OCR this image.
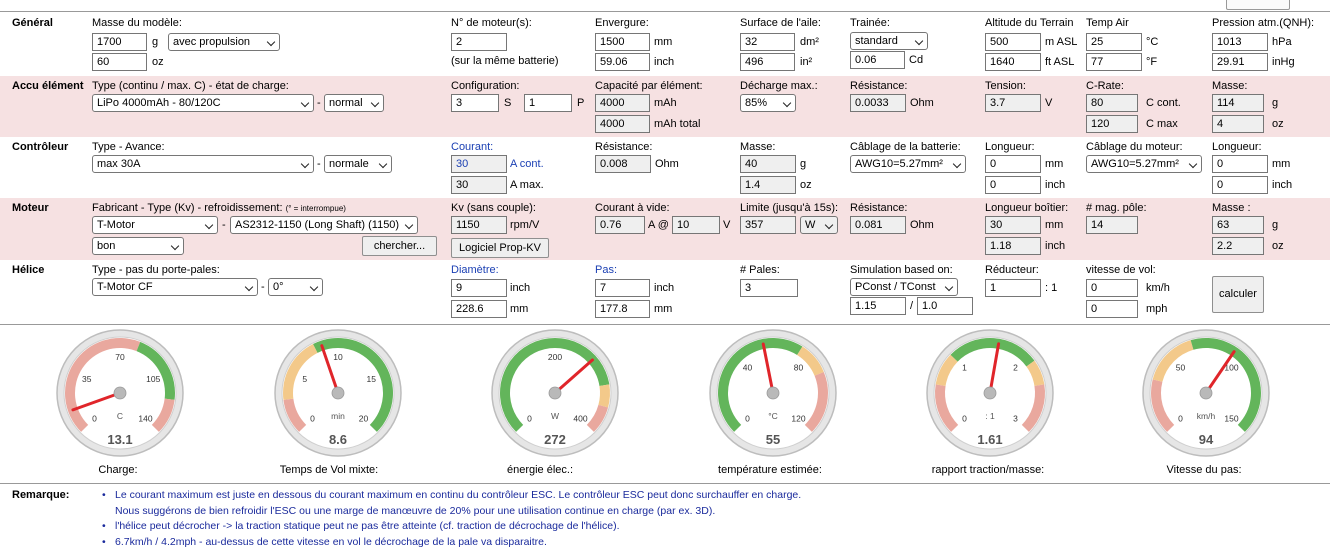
Général	Masse du modèle:
1700	g	avec propulsion
60	oz
N° de moteur(s):
2
(sur la même batterie)
Envergure:
1500	mm
59.06	inch
Surface de l'aile:
32	dm²
496	in²
Trainée:
standard
0.06	Cd
Altitude du Terrain
500	m ASL
1640	ft ASL
Temp Air
25	°C
77	°F
Pression atm.(QNH):
1013	hPa
29.91	inHg
Accu élément Type (continu / max. C) - état de charge:
LiPo 4000mAh - 80/120C	- normal
Configuration:
3	S	1	P
Capacité par élément:
4000	mAh
4000	mAh total
Décharge max.:
85%
Résistance:
0.0033	Ohm
Tension:
3.7	V
C-Rate:
80	C cont.
120	C max
Masse:
114	g
4	oz
Contrôleur Type - Avance:
max 30A	- normale
Courant:
30	A cont.
30	A max.
Résistance:
0.008	Ohm
Masse:
40	g
1.4	oz
Câblage de la batterie:
AWG10=5.27mm²
Longueur:
0	mm
0	inch
Câblage du moteur:
AWG10=5.27mm²
Longueur:
0	mm
0	inch
Moteur	Fabricant - Type (Kv) - refroidissement: (° = interrompue)
T-Motor	- AS2312-1150 (Long Shaft) (1150)
bon	chercher...
Kv (sans couple):
1150	rpm/V
Logiciel Prop-KV
Courant à vide:
0.76	A @ 10	V
Limite (jusqu'à 15s):
357	W
Résistance:
0.081	Ohm
Longueur boîtier:
30	mm
1.18	inch
# mag. pôle:
14
Masse :
63	g
2.2	oz
Hélice	Type - pas du porte-pales:
T-Motor CF	- 0°
Diamètre:
9	inch
228.6	mm
Pas:
7	inch
177.8	mm
# Pales:
3
Simulation based on:
PConst / TConst
1.15	/ 1.0
Réducteur:
1	: 1
vitesse de vol:
0	km/h
0	mph
calculer
0
35
70
105
140
C
13.1
Charge:
0
5
10
15
20
min
8.6
Temps de Vol mixte:
0
200
400
W
272
énergie élec.:
0
40	80
120
°C
55
température estimée:
0
1	2
3
: 1
1.61
rapport traction/masse:
0
50	100
150
km/h
94
Vitesse du pas:
Remarque:	• Le courant maximum est juste en dessous du courant maximum en continu du contrôleur ESC. Le contrôleur ESC peut donc surchauffer en charge.
Nous suggérons de bien refroidir l'ESC ou une marge de manœuvre de 20% pour une utilisation continue en charge (par ex. 3D).
• l'hélice peut décrocher -> la traction statique peut ne pas être atteinte (cf. traction de décrochage de l'hélice).
• 6.7km/h / 4.2mph - au-dessus de cette vitesse en vol le décrochage de la pale va disparaitre.
